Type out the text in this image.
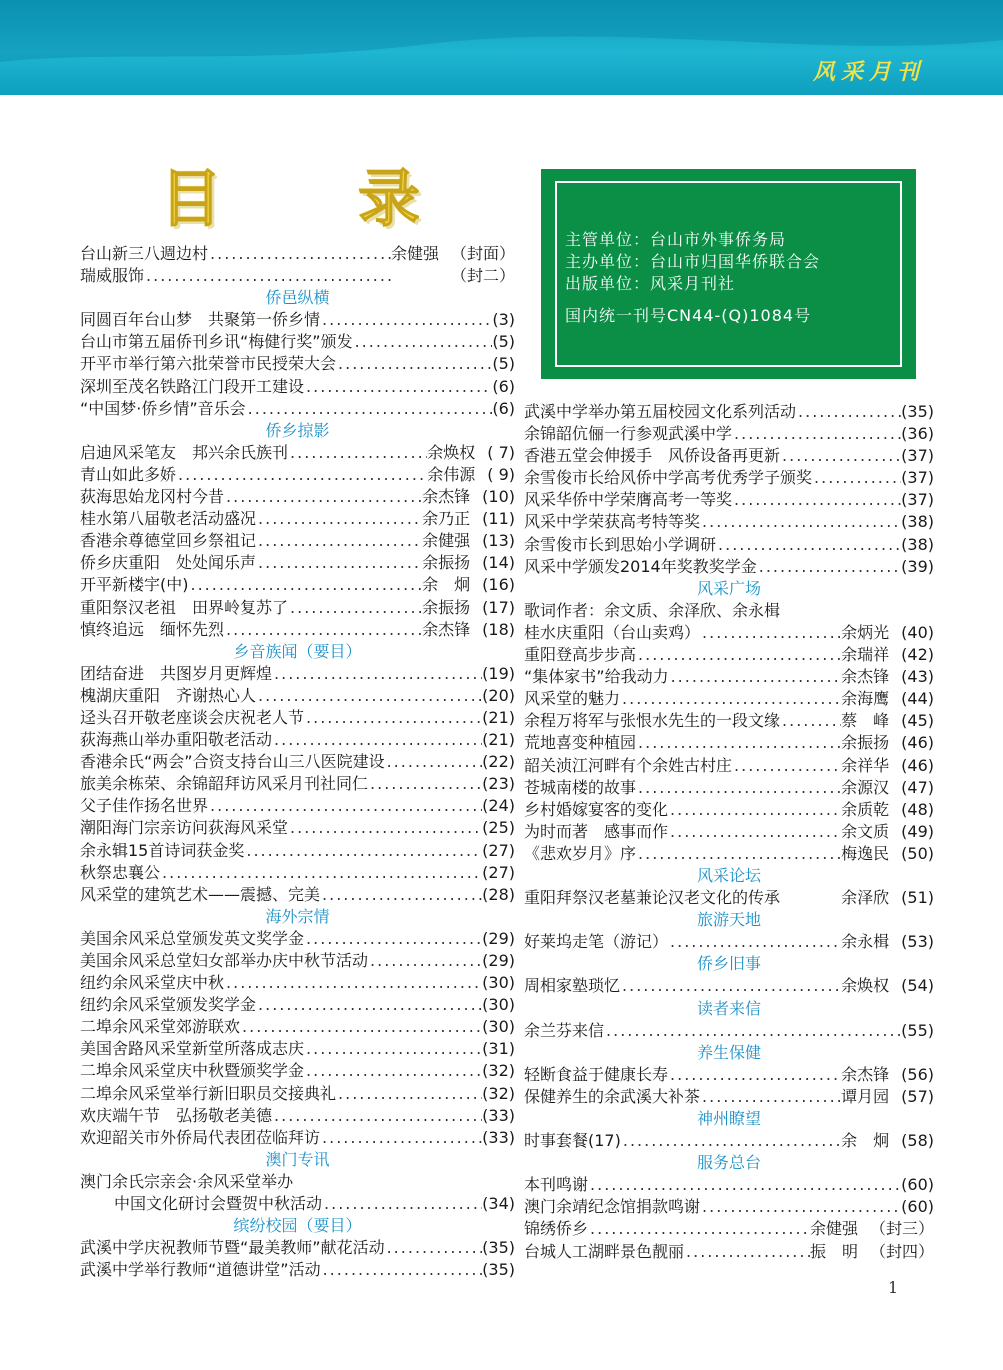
风采月刊
目 录
主管单位：台山市外事侨务局
主办单位：台山市归国华侨联合会
出版单位：风采月刊社
国内统一刊号CN44-(Q)1084号
台山新三八週边村 .....	余健强 （封面）
瑞威服饰 .....	（封二）
侨邑纵横
同圆百年台山梦　共聚第一侨乡情 .....	(3)
台山市第五届侨刊乡讯“梅健行奖”颁发 .....	(5)
开平市举行第六批荣誉市民授荣大会 .....	(5)
深圳至茂名铁路江门段开工建设 .....	(6)
“中国梦·侨乡情”音乐会 .....	(6)
侨乡掠影
启迪风采笔友　邦兴余氏族刊 .....	余焕权 ( 7)
青山如此多娇 .....	余伟源 ( 9)
荻海思始龙冈村今昔 .....	余杰锋 (10)
桂水第八届敬老活动盛况 .....	余乃正 (11)
香港余尊德堂回乡祭祖记 .....	余健强 (13)
侨乡庆重阳　处处闻乐声 .....	余振扬 (14)
开平新楼宇(中) .....	余　炯 (16)
重阳祭汉老祖　田界岭复苏了 .....	余振扬 (17)
慎终追远　缅怀先烈 .....	余杰锋 (18)
乡音族闻（要目）
团结奋进　共图岁月更辉煌 .....	(19)
槐湖庆重阳　齐谢热心人 .....	(20)
迳头召开敬老座谈会庆祝老人节 .....	(21)
荻海燕山举办重阳敬老活动 .....	(21)
香港余氏“两会”合资支持台山三八医院建设 .....	(22)
旅美余栋荣、余锦韶拜访风采月刊社同仁 .....	(23)
父子佳作扬名世界 .....	(24)
潮阳海门宗亲访问荻海风采堂 .....	(25)
余永辑15首诗词获金奖 .....	(27)
秋祭忠襄公 .....	(27)
风采堂的建筑艺术——震撼、完美 .....	(28)
海外宗情
美国余风采总堂颁发英文奖学金 .....	(29)
美国余风采总堂妇女部举办庆中秋节活动 .....	(29)
纽约余风采堂庆中秋 .....	(30)
纽约余风采堂颁发奖学金 .....	(30)
二埠余风采堂郊游联欢 .....	(30)
美国舍路风采堂新堂所落成志庆 .....	(31)
二埠余风采堂庆中秋暨颁奖学金 .....	(32)
二埠余风采堂举行新旧职员交接典礼 .....	(32)
欢庆端午节　弘扬敬老美德 .....	(33)
欢迎韶关市外侨局代表团莅临拜访 .....	(33)
澳门专讯
澳门余氏宗亲会·余风采堂举办
中国文化研讨会暨贺中秋活动 .....	(34)
缤纷校园（要目）
武溪中学庆祝教师节暨“最美教师”献花活动 .....	(35)
武溪中学举行教师“道德讲堂”活动 .....	(35)
武溪中学举办第五届校园文化系列活动 .....	(35)
余锦韶伉俪一行参观武溪中学 .....	(36)
香港五堂会伸援手　风侨设备再更新 .....	(37)
余雪俊市长给风侨中学高考优秀学子颁奖 .....	(37)
风采华侨中学荣膺高考一等奖 .....	(37)
风采中学荣获高考特等奖 .....	(38)
余雪俊市长到思始小学调研 .....	(38)
风采中学颁发2014年奖教奖学金 .....	(39)
风采广场
歌词作者：余文质、余泽欣、余永楫
桂水庆重阳（台山卖鸡） .....	余炳光 (40)
重阳登高步步高 .....	余瑞祥 (42)
“集体家书”给我动力 .....	余杰锋 (43)
风采堂的魅力 .....	余海鹰 (44)
余程万将军与张恨水先生的一段文缘 .....	蔡　峰 (45)
荒地喜变种植园 .....	余振扬 (46)
韶关浈江河畔有个余姓古村庄 .....	余祥华 (46)
苍城南楼的故事 .....	余源汉 (47)
乡村婚嫁宴客的变化 .....	余质乾 (48)
为时而著　感事而作 .....	余文质 (49)
《悲欢岁月》序 .....	梅逸民 (50)
风采论坛
重阳拜祭汉老墓兼论汉老文化的传承	余泽欣 (51)
旅游天地
好莱坞走笔（游记） .....	余永楫 (53)
侨乡旧事
周相家塾琐忆 .....	余焕权 (54)
读者来信
余兰芬来信 .....	(55)
养生保健
轻断食益于健康长寿 .....	余杰锋 (56)
保健养生的余武溪大补茶 .....	谭月园 (57)
神州瞭望
时事套餐(17) .....	余　炯 (58)
服务总台
本刊鸣谢 .....	(60)
澳门余靖纪念馆捐款鸣谢 .....	(60)
锦绣侨乡 .....	余健强 （封三）
台城人工湖畔景色靓丽 .....	振　明 （封四）
1
